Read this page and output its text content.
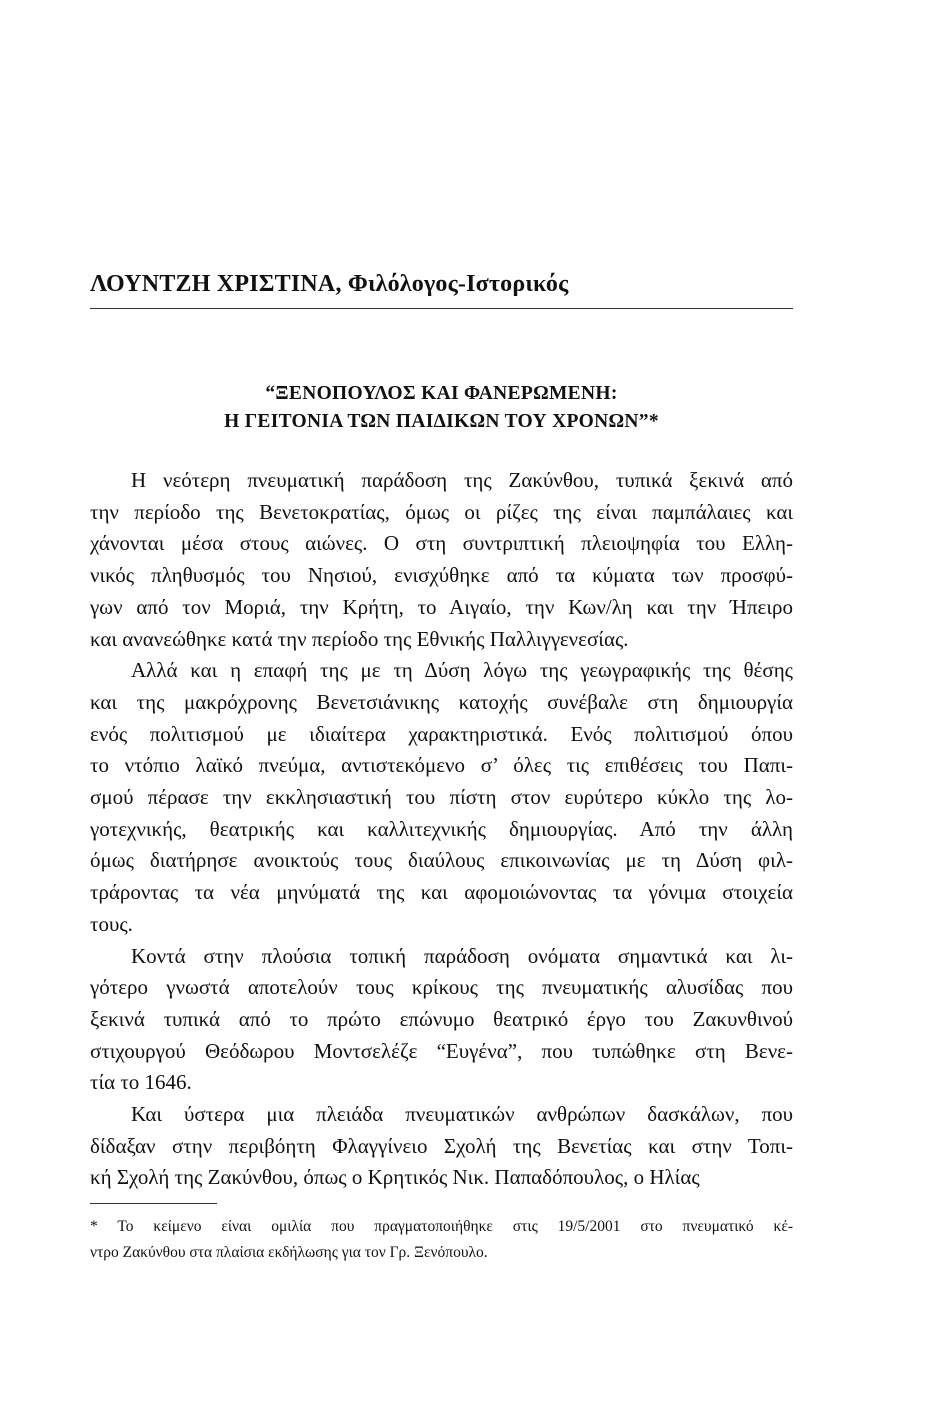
ΛΟΥΝΤΖΗ ΧΡΙΣΤΙΝΑ, Φιλόλογος-Ιστορικός
“ΞΕΝΟΠΟΥΛΟΣ ΚΑΙ ΦΑΝΕΡΩΜΕΝΗ:
Η ΓΕΙΤΟΝΙΑ ΤΩΝ ΠΑΙΔΙΚΩΝ ΤΟΥ ΧΡΟΝΩΝ”*

Η νεότερη πνευματική παράδοση της Ζακύνθου, τυπικά ξεκινά από
την περίοδο της Βενετοκρατίας, όμως οι ρίζες της είναι παμπάλαιες και
χάνονται μέσα στους αιώνες. Ο στη συντριπτική πλειοψηφία του Ελλη-
νικός πληθυσμός του Νησιού, ενισχύθηκε από τα κύματα των προσφύ-
γων από τον Μοριά, την Κρήτη, το Αιγαίο, την Κων/λη και την Ήπειρο
και ανανεώθηκε κατά την περίοδο της Εθνικής Παλλιγγενεσίας.

Αλλά και η επαφή της με τη Δύση λόγω της γεωγραφικής της θέσης
και της μακρόχρονης Βενετσιάνικης κατοχής συνέβαλε στη δημιουργία
ενός πολιτισμού με ιδιαίτερα χαρακτηριστικά. Ενός πολιτισμού όπου
το ντόπιο λαϊκό πνεύμα, αντιστεκόμενο σ’ όλες τις επιθέσεις του Παπι-
σμού πέρασε την εκκλησιαστική του πίστη στον ευρύτερο κύκλο της λο-
γοτεχνικής, θεατρικής και καλλιτεχνικής δημιουργίας. Από την άλλη
όμως διατήρησε ανοικτούς τους διαύλους επικοινωνίας με τη Δύση φιλ-
τράροντας τα νέα μηνύματά της και αφομοιώνοντας τα γόνιμα στοιχεία
τους.

Κοντά στην πλούσια τοπική παράδοση ονόματα σημαντικά και λι-
γότερο γνωστά αποτελούν τους κρίκους της πνευματικής αλυσίδας που
ξεκινά τυπικά από το πρώτο επώνυμο θεατρικό έργο του Ζακυνθινού
στιχουργού Θεόδωρου Μοντσελέζε “Ευγένα”, που τυπώθηκε στη Βενε-
τία το 1646.

Και ύστερα μια πλειάδα πνευματικών ανθρώπων δασκάλων, που
δίδαξαν στην περιβόητη Φλαγγίνειο Σχολή της Βενετίας και στην Τοπι-
κή Σχολή της Ζακύνθου, όπως ο Κρητικός Νικ. Παπαδόπουλος, ο Ηλίας

* Το κείμενο είναι ομιλία που πραγματοποιήθηκε στις 19/5/2001 στο πνευματικό κέ-
ντρο Ζακύνθου στα πλαίσια εκδήλωσης για τον Γρ. Ξενόπουλο.
